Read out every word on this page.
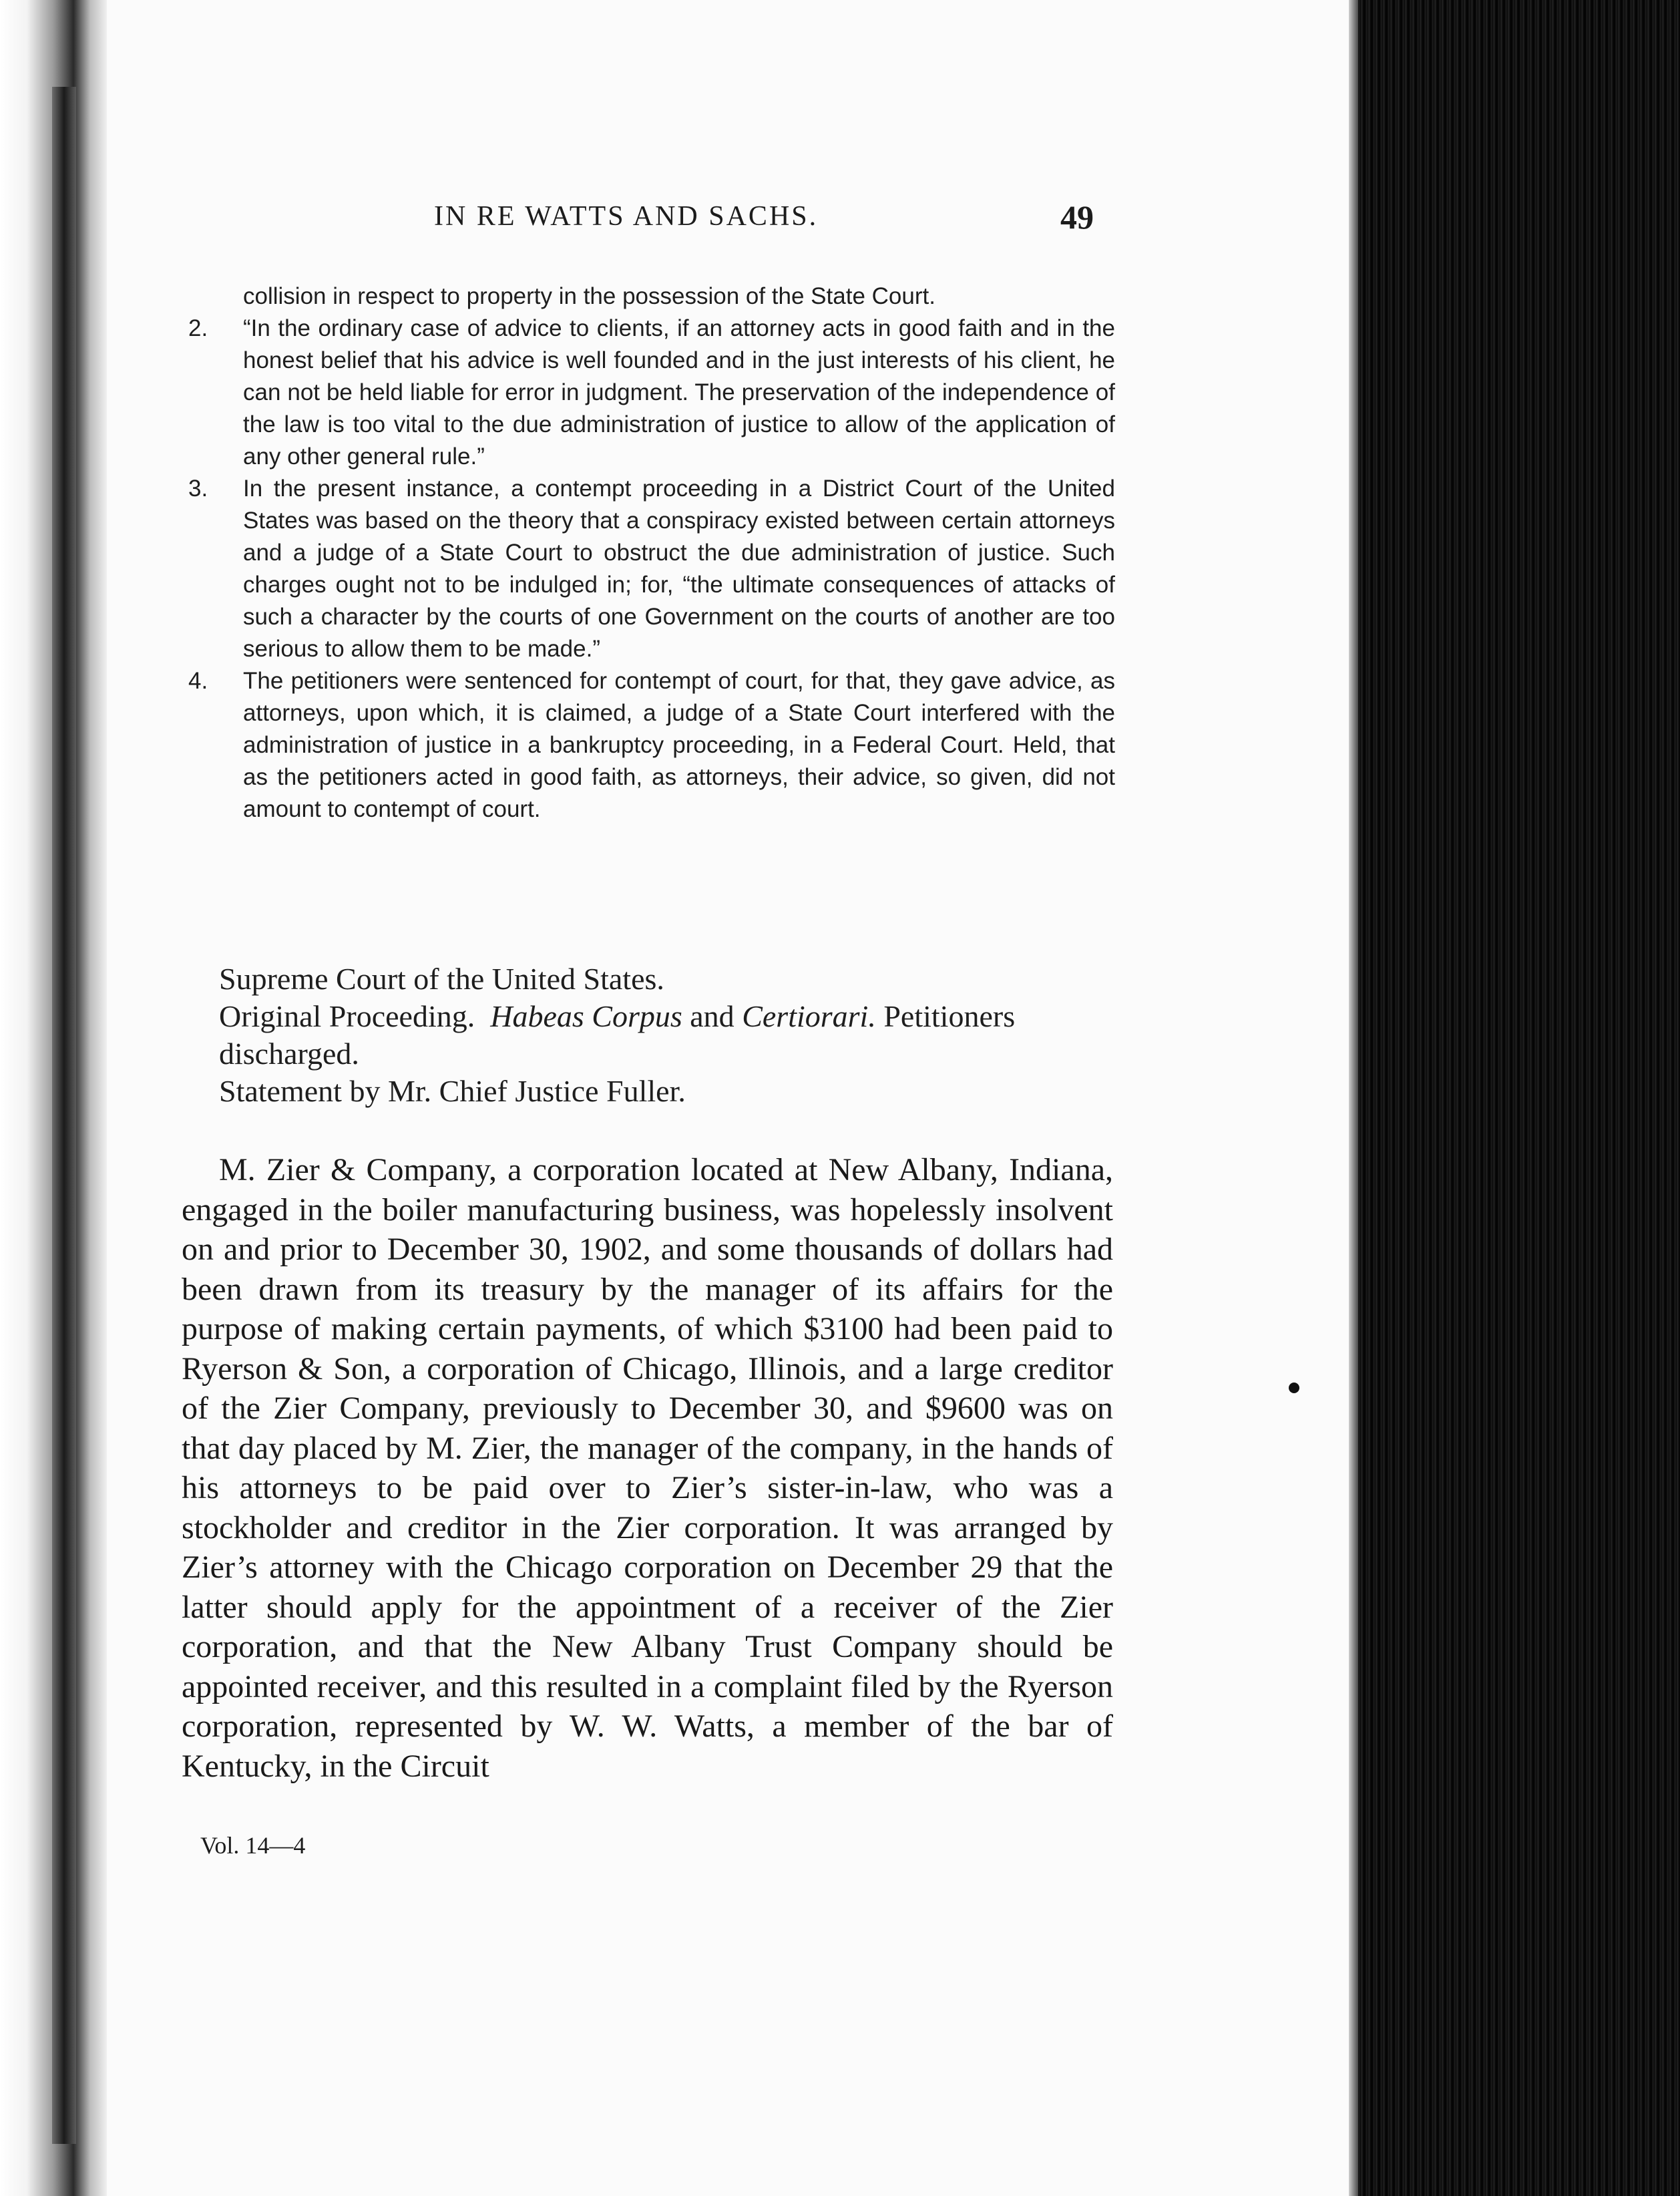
IN RE WATTS AND SACHS.	49

collision in respect to property in the possession of the State Court.

2. “In the ordinary case of advice to clients, if an attorney acts in good faith and in the honest belief that his advice is well founded and in the just interests of his client, he can not be held liable for error in judgment. The preservation of the independence of the law is too vital to the due administration of justice to allow of the application of any other general rule.”

3. In the present instance, a contempt proceeding in a District Court of the United States was based on the theory that a conspiracy existed between certain attorneys and a judge of a State Court to obstruct the due administration of justice. Such charges ought not to be indulged in; for, “the ultimate consequences of attacks of such a character by the courts of one Government on the courts of another are too serious to allow them to be made.”

4. The petitioners were sentenced for contempt of court, for that, they gave advice, as attorneys, upon which, it is claimed, a judge of a State Court interfered with the administration of justice in a bankruptcy proceeding, in a Federal Court. Held, that as the petitioners acted in good faith, as attorneys, their advice, so given, did not amount to contempt of court.

Supreme Court of the United States.

Original Proceeding. Habeas Corpus and Certiorari. Petitioners discharged.

Statement by Mr. Chief Justice Fuller.

M. Zier & Company, a corporation located at New Albany, Indiana, engaged in the boiler manufacturing business, was hopelessly insolvent on and prior to December 30, 1902, and some thousands of dollars had been drawn from its treasury by the manager of its affairs for the purpose of making certain payments, of which $3100 had been paid to Ryerson & Son, a corporation of Chicago, Illinois, and a large creditor of the Zier Company, previously to December 30, and $9600 was on that day placed by M. Zier, the manager of the company, in the hands of his attorneys to be paid over to Zier’s sister-in-law, who was a stockholder and creditor in the Zier corporation. It was arranged by Zier’s attorney with the Chicago corporation on December 29 that the latter should apply for the appointment of a receiver of the Zier corporation, and that the New Albany Trust Company should be appointed receiver, and this resulted in a complaint filed by the Ryerson corporation, represented by W. W. Watts, a member of the bar of Kentucky, in the Circuit

Vol. 14—4
